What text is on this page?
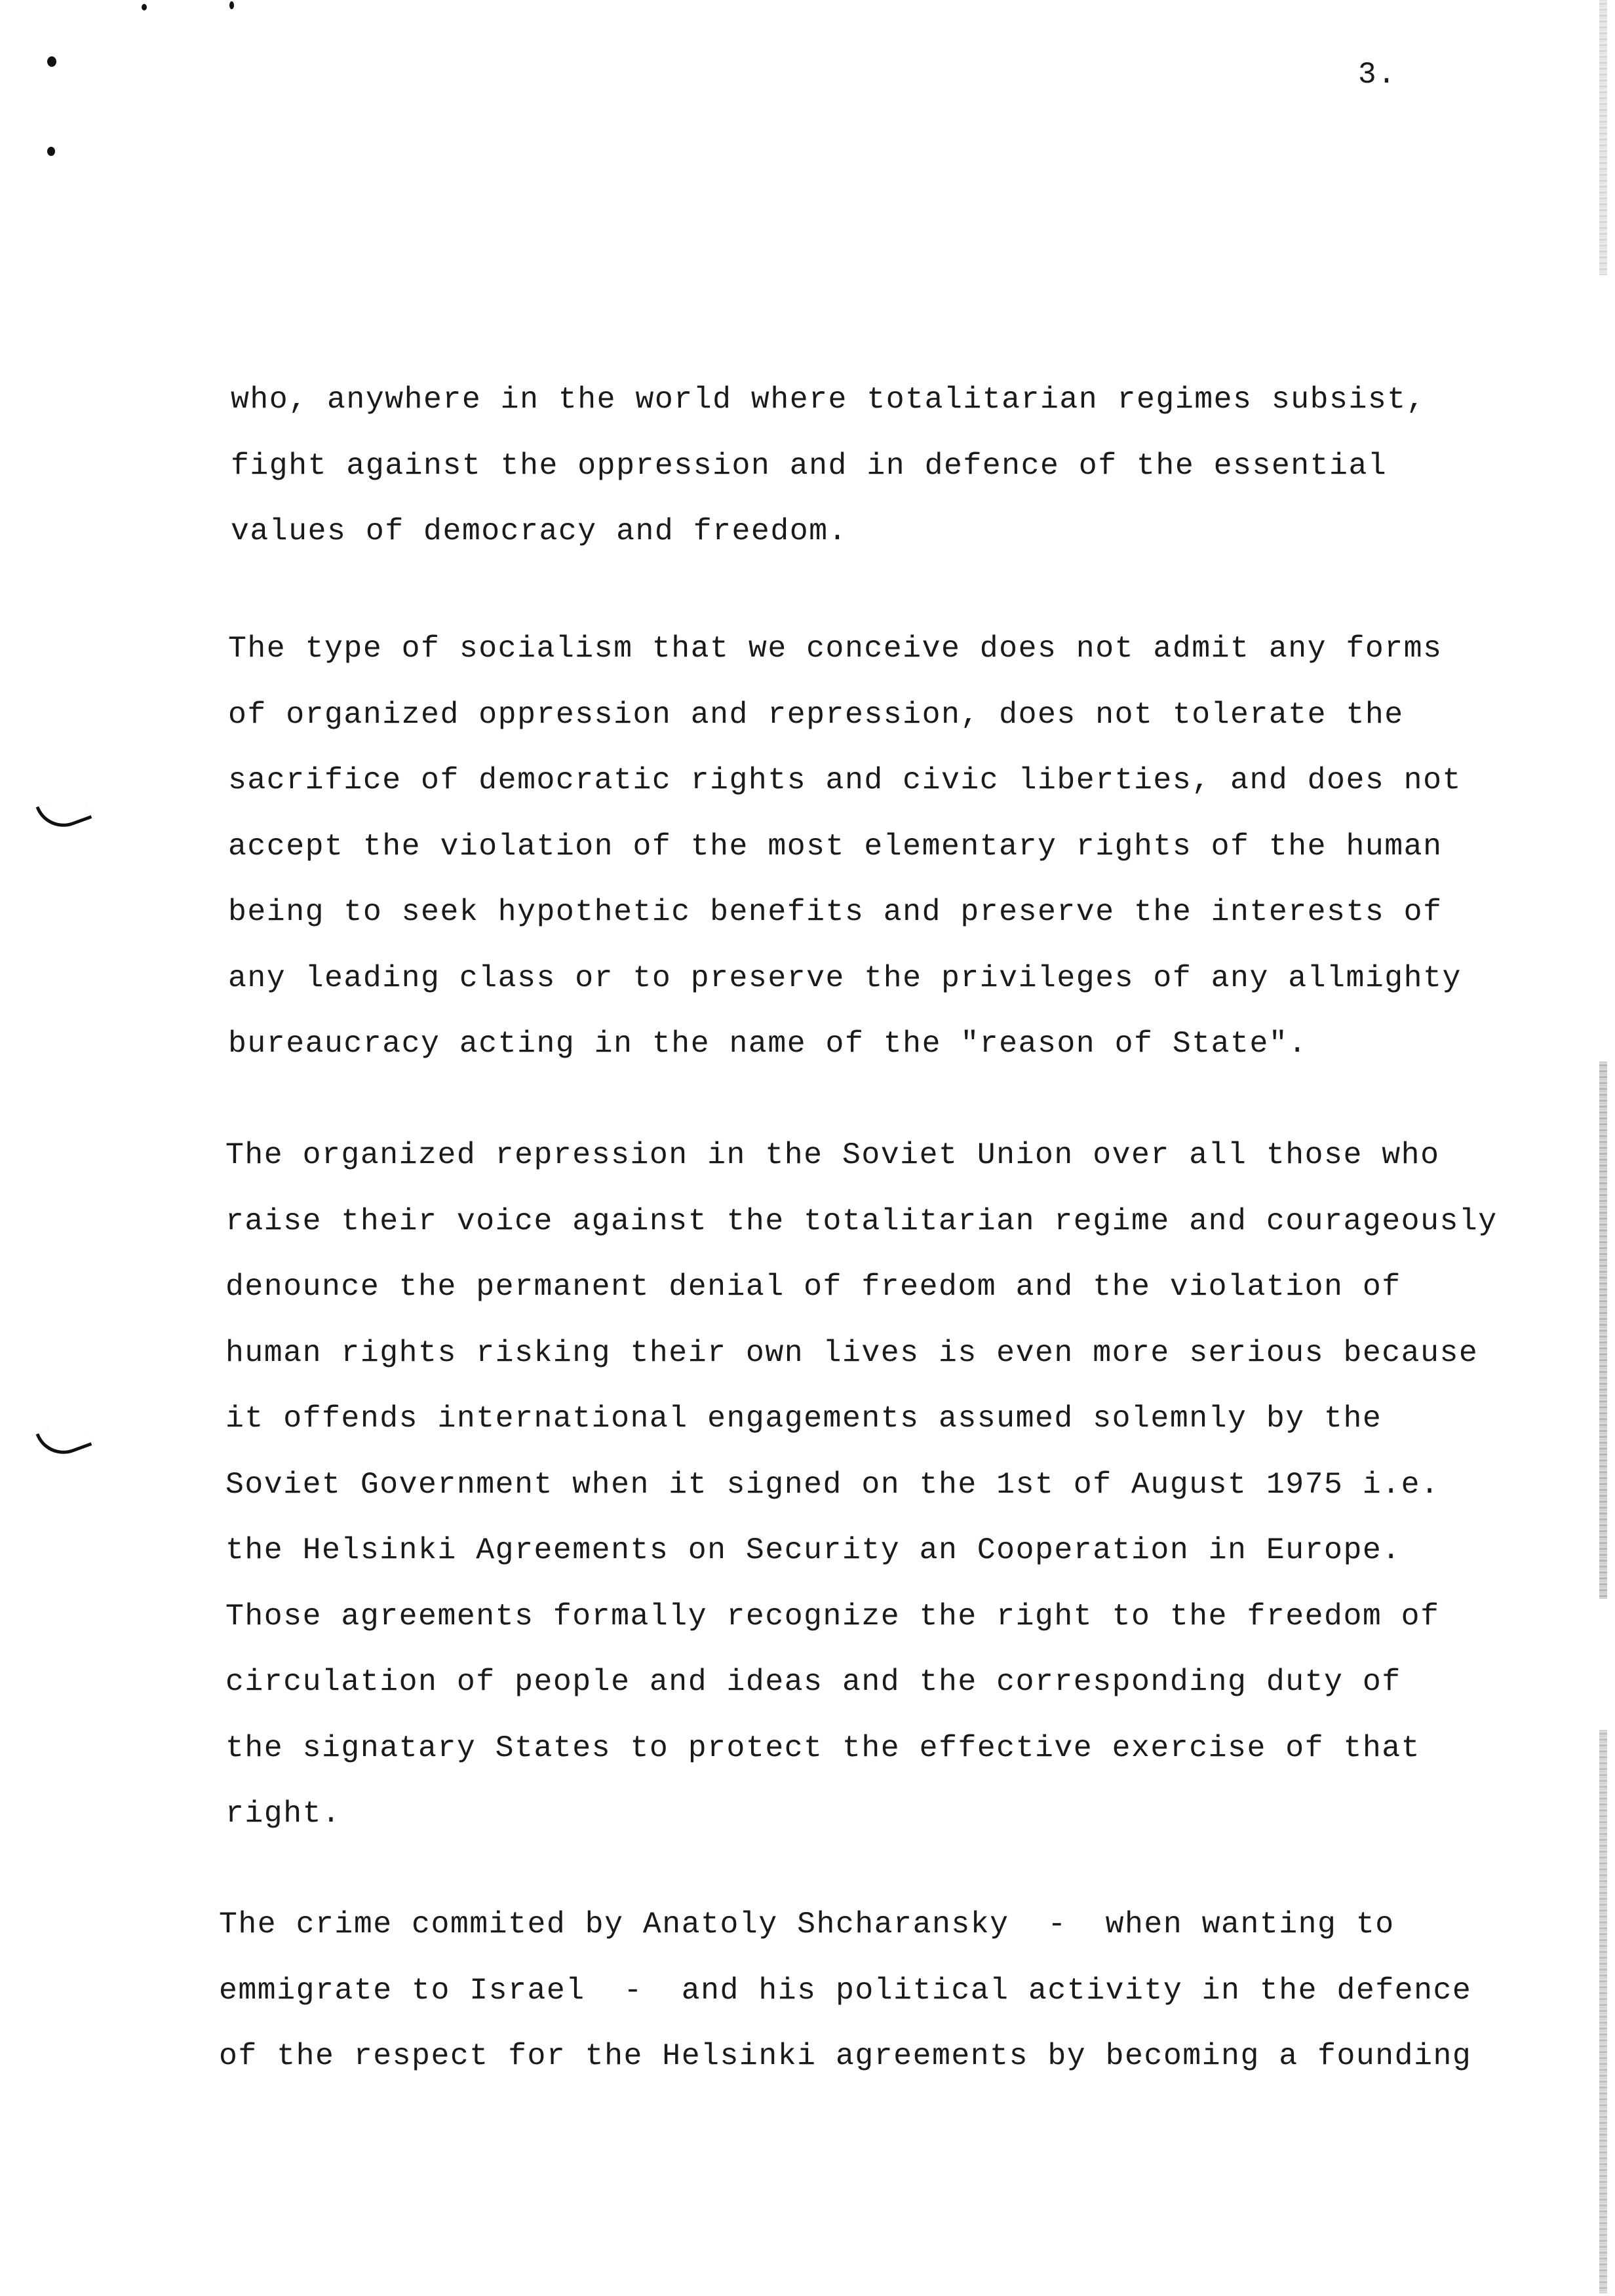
3.
who, anywhere in the world where totalitarian regimes subsist,
fight against the oppression and in defence of the essential
values of democracy and freedom.
The type of socialism that we conceive does not admit any forms
of organized oppression and repression, does not tolerate the
sacrifice of democratic rights and civic liberties, and does not
accept the violation of the most elementary rights of the human
being to seek hypothetic benefits and preserve the interests of
any leading class or to preserve the privileges of any allmighty
bureaucracy acting in the name of the "reason of State".
The organized repression in the Soviet Union over all those who
raise their voice against the totalitarian regime and courageously
denounce the permanent denial of freedom and the violation of
human rights risking their own lives is even more serious because
it offends international engagements assumed solemnly by the
Soviet Government when it signed on the 1st of August 1975 i.e.
the Helsinki Agreements on Security an Cooperation in Europe.
Those agreements formally recognize the right to the freedom of
circulation of people and ideas and the corresponding duty of
the signatary States to protect the effective exercise of that
right.
The crime commited by Anatoly Shcharansky  -  when wanting to
emmigrate to Israel  -  and his political activity in the defence
of the respect for the Helsinki agreements by becoming a founding
